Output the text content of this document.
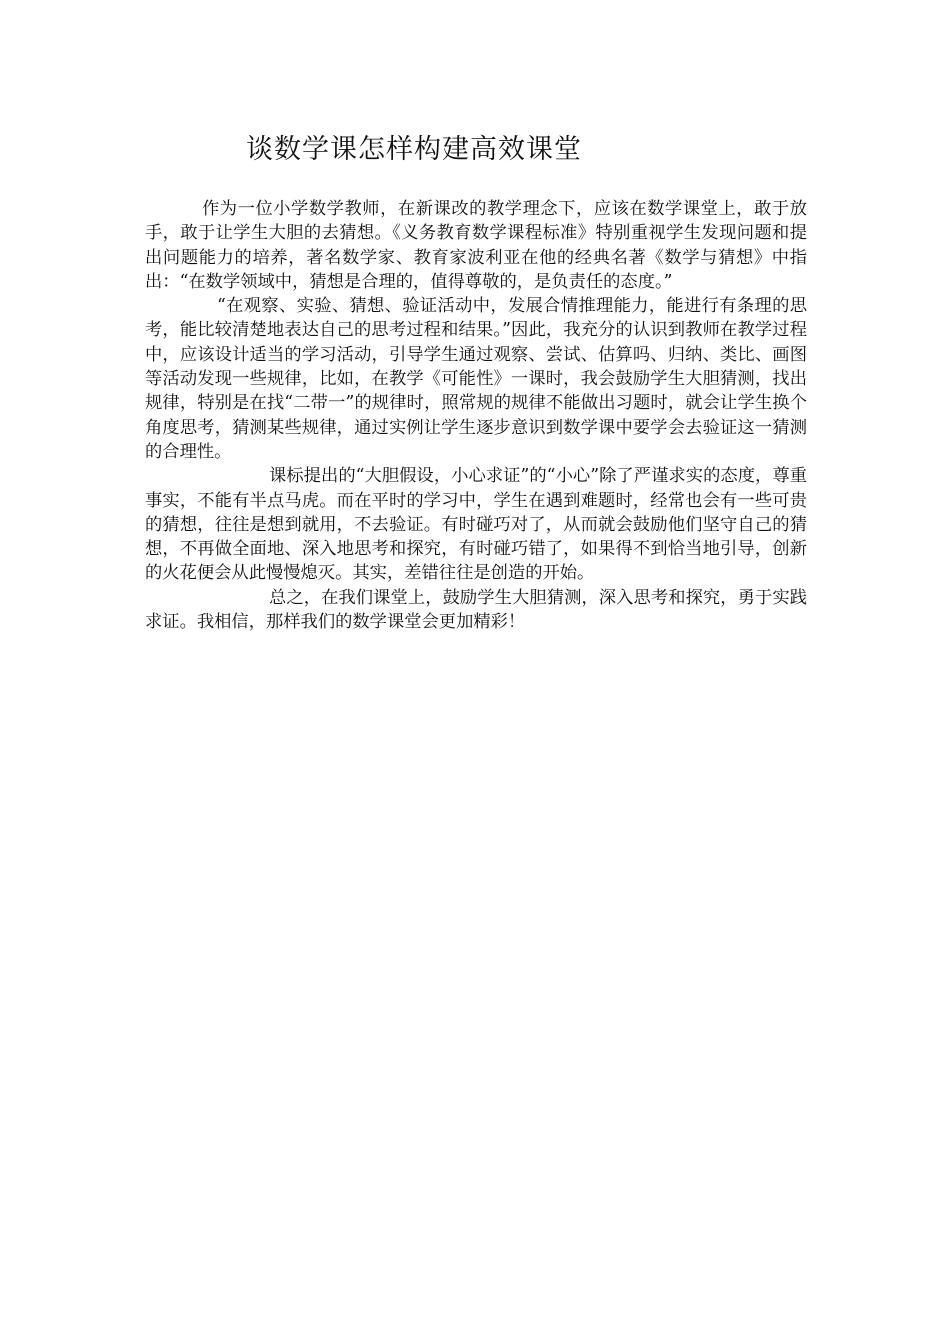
谈数学课怎样构建高效课堂

作为一位小学数学教师，在新课改的教学理念下，应该在数学课堂上，敢于放手，敢于让学生大胆的去猜想。《义务教育数学课程标准》特别重视学生发现问题和提出问题能力的培养，著名数学家、教育家波利亚在他的经典名著《数学与猜想》中指出：“在数学领域中，猜想是合理的，值得尊敬的，是负责任的态度。”

“在观察、实验、猜想、验证活动中，发展合情推理能力，能进行有条理的思考，能比较清楚地表达自己的思考过程和结果。”因此，我充分的认识到教师在教学过程中，应该设计适当的学习活动，引导学生通过观察、尝试、估算吗、归纳、类比、画图等活动发现一些规律，比如，在教学《可能性》一课时，我会鼓励学生大胆猜测，找出规律，特别是在找“二带一”的规律时，照常规的规律不能做出习题时，就会让学生换个角度思考，猜测某些规律，通过实例让学生逐步意识到数学课中要学会去验证这一猜测的合理性。

课标提出的“大胆假设，小心求证”的“小心”除了严谨求实的态度，尊重事实，不能有半点马虎。而在平时的学习中，学生在遇到难题时，经常也会有一些可贵的猜想，往往是想到就用，不去验证。有时碰巧对了，从而就会鼓励他们坚守自己的猜想，不再做全面地、深入地思考和探究，有时碰巧错了，如果得不到恰当地引导，创新的火花便会从此慢慢熄灭。其实，差错往往是创造的开始。

总之，在我们课堂上，鼓励学生大胆猜测，深入思考和探究，勇于实践求证。我相信，那样我们的数学课堂会更加精彩！
